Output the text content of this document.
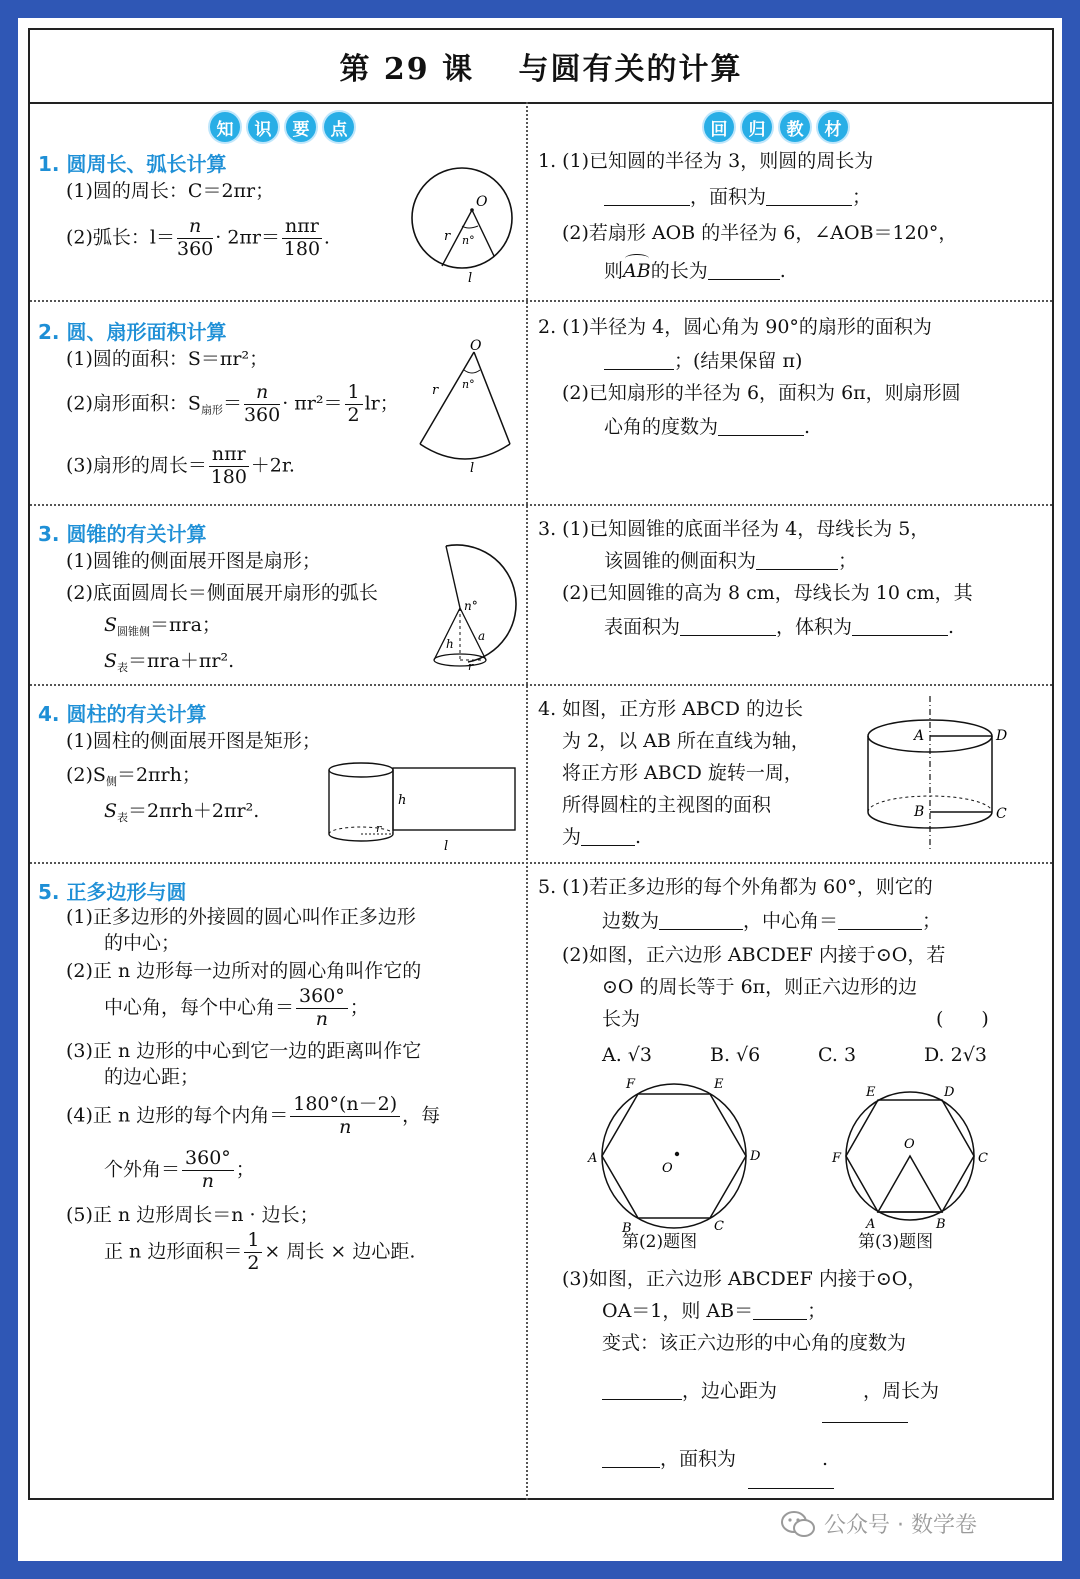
第 29 课　 与圆有关的计算
知	识	要	点	回	归	教	材
1. 圆周长、弧长计算
(1)圆的周长：C＝2πr；
(2)弧长：$l= \frac{n}{360} \cdot 2\pi r= \frac{\text{nπr}}{180}$ .
O
r n°
l
2. 圆、扇形面积计算
(1)圆的面积：S＝πr²；
(2)扇形面积：$S_{扇形}= \frac{n}{360} \cdot \pi r^2= \frac{1}{2}$ lr；
(3)扇形的周长＝ $\frac{\text{nπr}}{180} +2r$.
O
r n°
l
3. 圆锥的有关计算
(1)圆锥的侧面展开图是扇形；
(2)底面圆周长＝侧面展开扇形的弧长
$S_{圆锥侧}=\pi ra$；
$S_表=\pi ra+\pi r^2$.
n°
h
a
r
4. 圆柱的有关计算
(1)圆柱的侧面展开图是矩形；
$(2)S_侧=2\pi rh$；
$S_表=2\pi rh+2\pi r^2$.	h
r
l
5. 正多边形与圆
(1)正多边形的外接圆的圆心叫作正多边形
的中心；
(2)正 n 边形每一边所对的圆心角叫作它的
中心角，每个中心角＝ $\frac{360^\circ}{n}$ ；
(3)正 n 边形的中心到它一边的距离叫作它
的边心距；
(4)正 n 边形的每个内角＝ $\frac{180^\circ(n-2)}{n}$ ，每
个外角＝ $\frac{360^\circ}{n}$ ；
(5)正 n 边形周长＝n · 边长；
正 n 边形面积＝ $\frac{1}{2}$ × 周长 × 边心距.
1. (1)已知圆的半径为 3，则圆的周长为
，面积为	；
(2)若扇形 AOB 的半径为 6，∠AOB＝120°，
则
AB的长为	.
2. (1)半径为 4，圆心角为 90°的扇形的面积为
；(结果保留 π)
(2)已知扇形的半径为 6，面积为 6π，则扇形圆
心角的度数为	.
3. (1)已知圆锥的底面半径为 4，母线长为 5，
该圆锥的侧面积为	；
(2)已知圆锥的高为 8 cm，母线长为 10 cm，其
表面积为	，体积为	.
4. 如图，正方形 ABCD 的边长
为 2，以 AB 所在直线为轴，
将正方形 ABCD 旋转一周，
所得圆柱的主视图的面积
为	.
A	D
B	C
5. (1)若正多边形的每个外角都为 60°，则它的
边数为	，中心角＝	；
(2)如图，正六边形 ABCDEF 内接于⊙O，若
⊙O 的周长等于 6π，则正六边形的边
长为	(　　)
A. √3	B. √6	C. 3	D. 2√3
F	E
A	D
B	C
O
第(2)题图
E	D
F	C
A	B
O
第(3)题图
(3)如图，正六边形 ABCDEF 内接于⊙O，
OA＝1，则 AB＝	；
变式：该正六边形的中心角的度数为
，边心距为	，周长为
，面积为	.
公众号 · 数学卷
